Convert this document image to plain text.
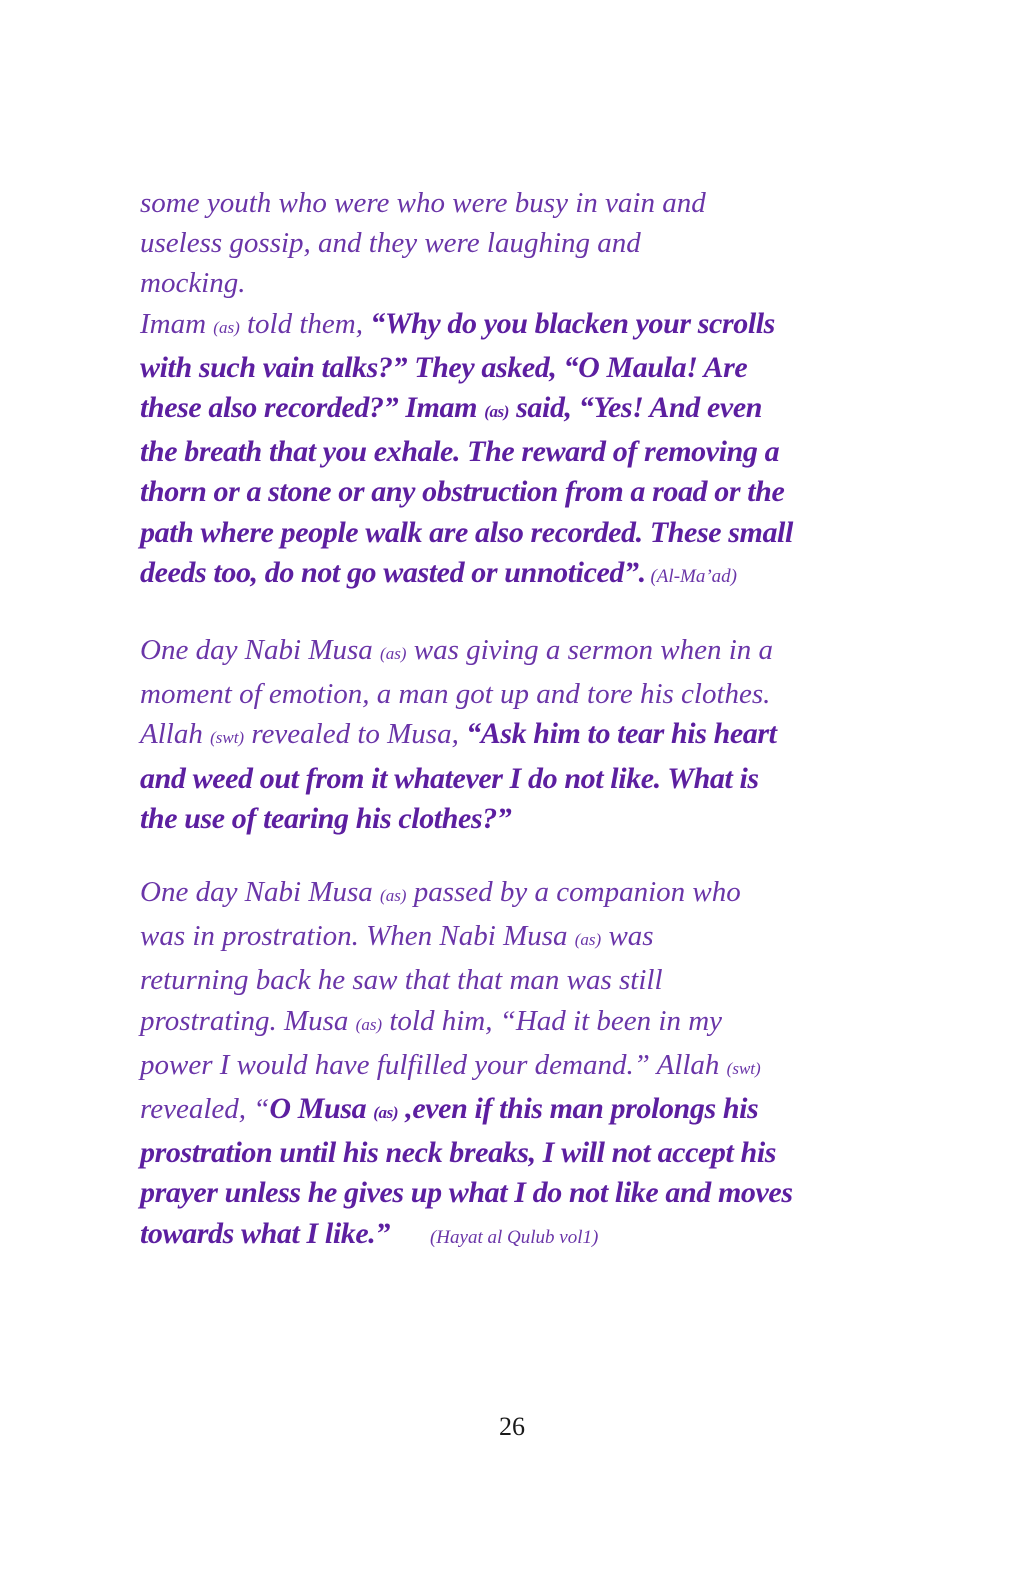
some youth who were who were busy in vain and
useless gossip, and they were laughing and
mocking.
Imam (as) told them, “Why do you blacken your scrolls
with such vain talks?” They asked, “O Maula! Are
these also recorded?” Imam (as) said, “Yes! And even
the breath that you exhale. The reward of removing a
thorn or a stone or any obstruction from a road or the
path where people walk are also recorded. These small
deeds too, do not go wasted or unnoticed”. (Al-Ma’ad)
One day Nabi Musa (as) was giving a sermon when in a
moment of emotion, a man got up and tore his clothes.
Allah (swt) revealed to Musa, “Ask him to tear his heart
and weed out from it whatever I do not like. What is
the use of tearing his clothes?”
One day Nabi Musa (as) passed by a companion who
was in prostration. When Nabi Musa (as) was
returning back he saw that that man was still
prostrating. Musa (as) told him, “Had it been in my
power I would have fulfilled your demand.” Allah (swt)
revealed, “O Musa (as) ,even if this man prolongs his
prostration until his neck breaks, I will not accept his
prayer unless he gives up what I do not like and moves
towards what I like.” (Hayat al Qulub vol1)
26
